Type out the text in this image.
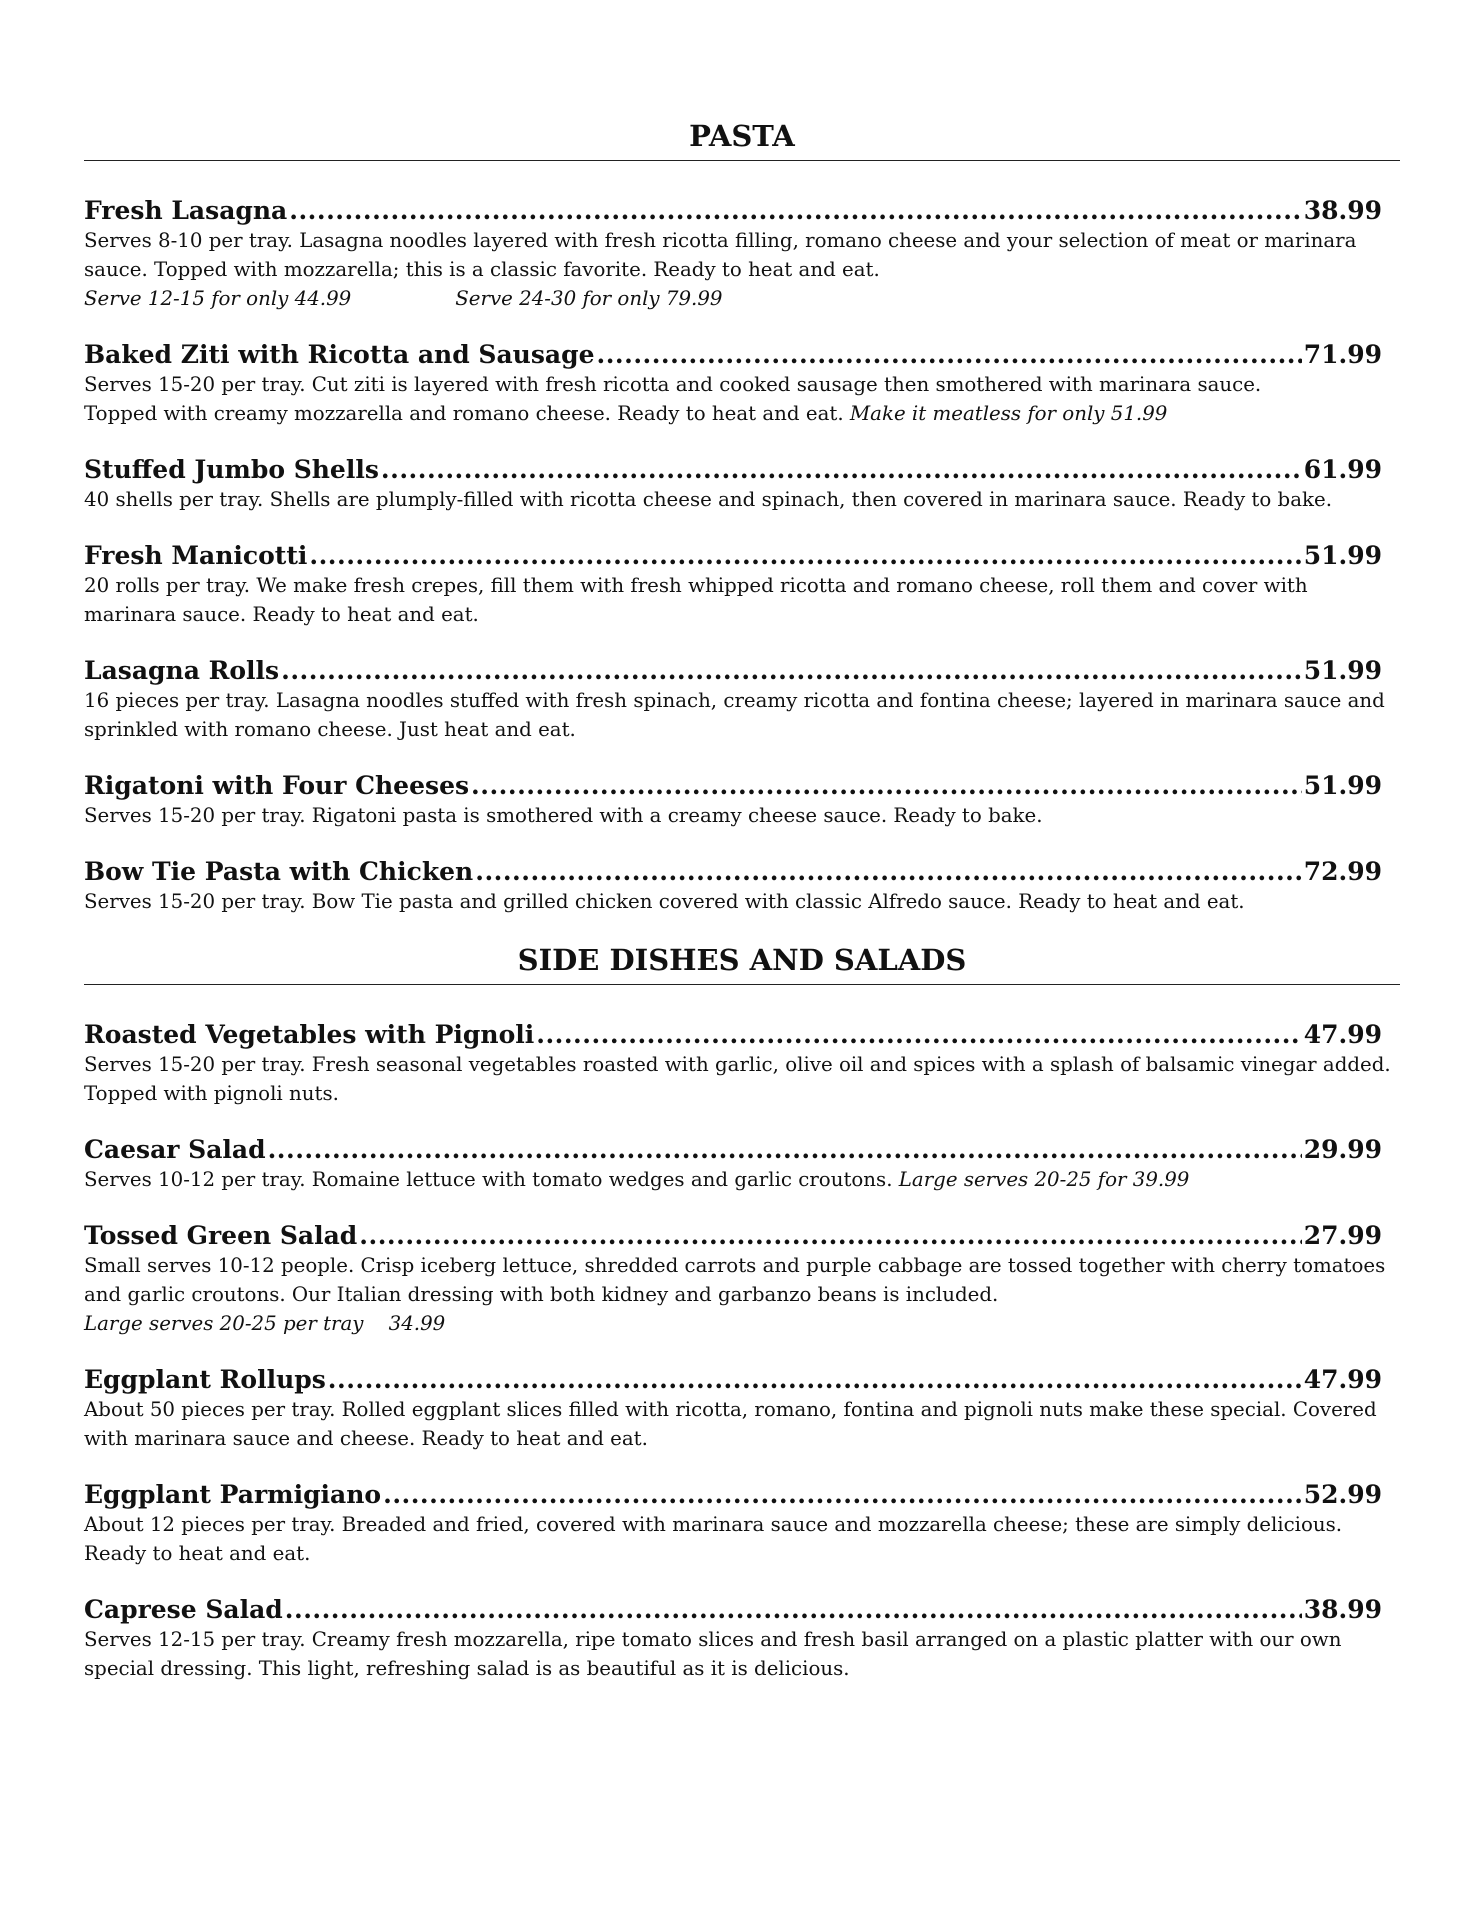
PASTA
Fresh Lasagna .....	38.99

Serves 8-10 per tray. Lasagna noodles layered with fresh ricotta filling, romano cheese and your selection of meat or marinara sauce. Topped with mozzarella; this is a classic favorite. Ready to heat and eat.

Serve 12-15 for only 44.99	Serve 24-30 for only 79.99

Baked Ziti with Ricotta and Sausage .....	71.99

Serves 15-20 per tray. Cut ziti is layered with fresh ricotta and cooked sausage then smothered with marinara sauce. Topped with creamy mozzarella and romano cheese. Ready to heat and eat. Make it meatless for only 51.99

Stuffed Jumbo Shells .....	61.99

40 shells per tray. Shells are plumply-filled with ricotta cheese and spinach, then covered in marinara sauce. Ready to bake.

Fresh Manicotti .....	51.99

20 rolls per tray. We make fresh crepes, fill them with fresh whipped ricotta and romano cheese, roll them and cover with marinara sauce. Ready to heat and eat.

Lasagna Rolls .....	51.99

16 pieces per tray. Lasagna noodles stuffed with fresh spinach, creamy ricotta and fontina cheese; layered in marinara sauce and sprinkled with romano cheese. Just heat and eat.

Rigatoni with Four Cheeses .....	51.99

Serves 15-20 per tray. Rigatoni pasta is smothered with a creamy cheese sauce. Ready to bake.

Bow Tie Pasta with Chicken .....	72.99

Serves 15-20 per tray. Bow Tie pasta and grilled chicken covered with classic Alfredo sauce. Ready to heat and eat.

SIDE DISHES AND SALADS
Roasted Vegetables with Pignoli .....	47.99

Serves 15-20 per tray. Fresh seasonal vegetables roasted with garlic, olive oil and spices with a splash of balsamic vinegar added. Topped with pignoli nuts.

Caesar Salad .....	29.99

Serves 10-12 per tray. Romaine lettuce with tomato wedges and garlic croutons. Large serves 20-25 for 39.99

Tossed Green Salad .....	27.99

Small serves 10-12 people. Crisp iceberg lettuce, shredded carrots and purple cabbage are tossed together with cherry tomatoes and garlic croutons. Our Italian dressing with both kidney and garbanzo beans is included.

Large serves 20-25 per tray    34.99

Eggplant Rollups .....	47.99

About 50 pieces per tray. Rolled eggplant slices filled with ricotta, romano, fontina and pignoli nuts make these special. Covered with marinara sauce and cheese. Ready to heat and eat.

Eggplant Parmigiano .....	52.99

About 12 pieces per tray. Breaded and fried, covered with marinara sauce and mozzarella cheese; these are simply delicious. Ready to heat and eat.

Caprese Salad .....	38.99

Serves 12-15 per tray. Creamy fresh mozzarella, ripe tomato slices and fresh basil arranged on a plastic platter with our own special dressing. This light, refreshing salad is as beautiful as it is delicious.
